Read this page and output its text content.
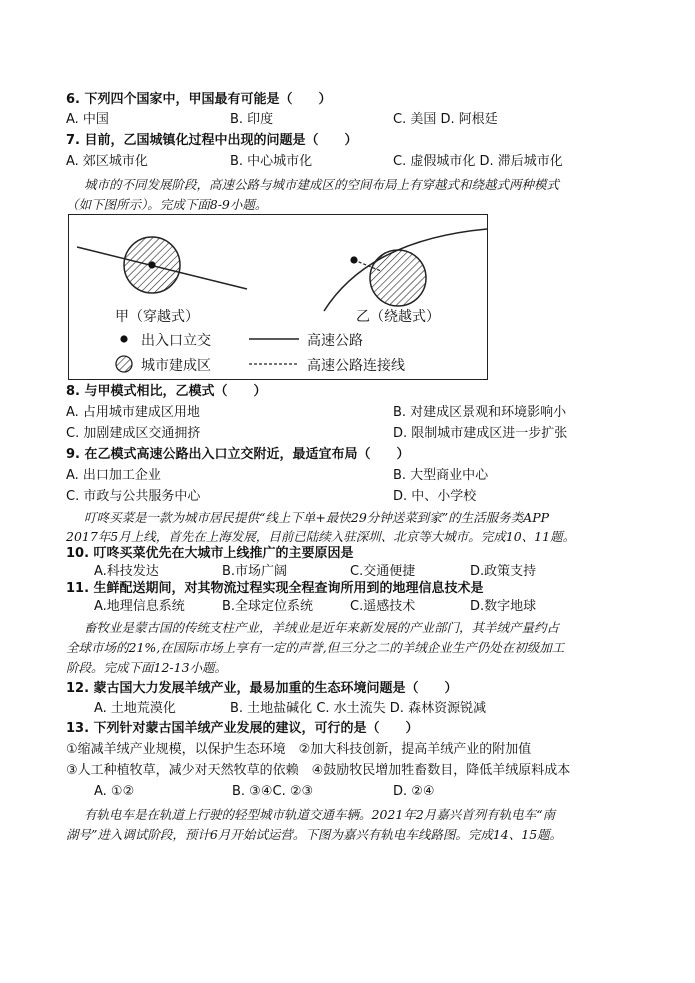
6. 下列四个国家中，甲国最有可能是（　　）
A. 中国	B. 印度	C. 美国 D. 阿根廷
7. 目前，乙国城镇化过程中出现的问题是（　　）
A. 郊区城市化	B. 中心城市化	C. 虚假城市化 D. 滞后城市化
城市的不同发展阶段，高速公路与城市建成区的空间布局上有穿越式和绕越式两种模式
（如下图所示）。完成下面8-9小题。
甲（穿越式）	乙（绕越式）
出入口立交	高速公路
城市建成区	高速公路连接线
8. 与甲模式相比，乙模式（　　）
A. 占用城市建成区用地	B. 对建成区景观和环境影响小
C. 加剧建成区交通拥挤	D. 限制城市建成区进一步扩张
9. 在乙模式高速公路出入口立交附近，最适宜布局（　　）
A. 出口加工企业	B. 大型商业中心
C. 市政与公共服务中心	D. 中、小学校
叮咚买菜是一款为城市居民提供“线上下单+最快29分钟送菜到家”的生活服务类APP
2017年5月上线，首先在上海发展，目前已陆续入驻深圳、北京等大城市。完成10、11题。
10. 叮咚买菜优先在大城市上线推广的主要原因是
A.科技发达	B.市场广阔	C.交通便捷	D.政策支持
11. 生鲜配送期间，对其物流过程实现全程查询所用到的地理信息技术是
A.地理信息系统	B.全球定位系统	C.遥感技术	D.数字地球
畜牧业是蒙古国的传统支柱产业，羊绒业是近年来新发展的产业部门，其羊绒产量约占
全球市场的21%,在国际市场上享有一定的声誉,但三分之二的羊绒企业生产仍处在初级加工
阶段。完成下面12-13小题。
12. 蒙古国大力发展羊绒产业，最易加重的生态环境问题是（　　）
A. 土地荒漠化	B. 土地盐碱化 C. 水土流失 D. 森林资源锐减
13. 下列针对蒙古国羊绒产业发展的建议，可行的是（　　）
①缩减羊绒产业规模，以保护生态环境　②加大科技创新，提高羊绒产业的附加值
③人工种植牧草，减少对天然牧草的依赖　④鼓励牧民增加牲畜数目，降低羊绒原料成本
A. ①②	B. ③④C. ②③	D. ②④
有轨电车是在轨道上行驶的轻型城市轨道交通车辆。2021年2月嘉兴首列有轨电车“南
湖号”进入调试阶段，预计6月开始试运营。下图为嘉兴有轨电车线路图。完成14、15题。
